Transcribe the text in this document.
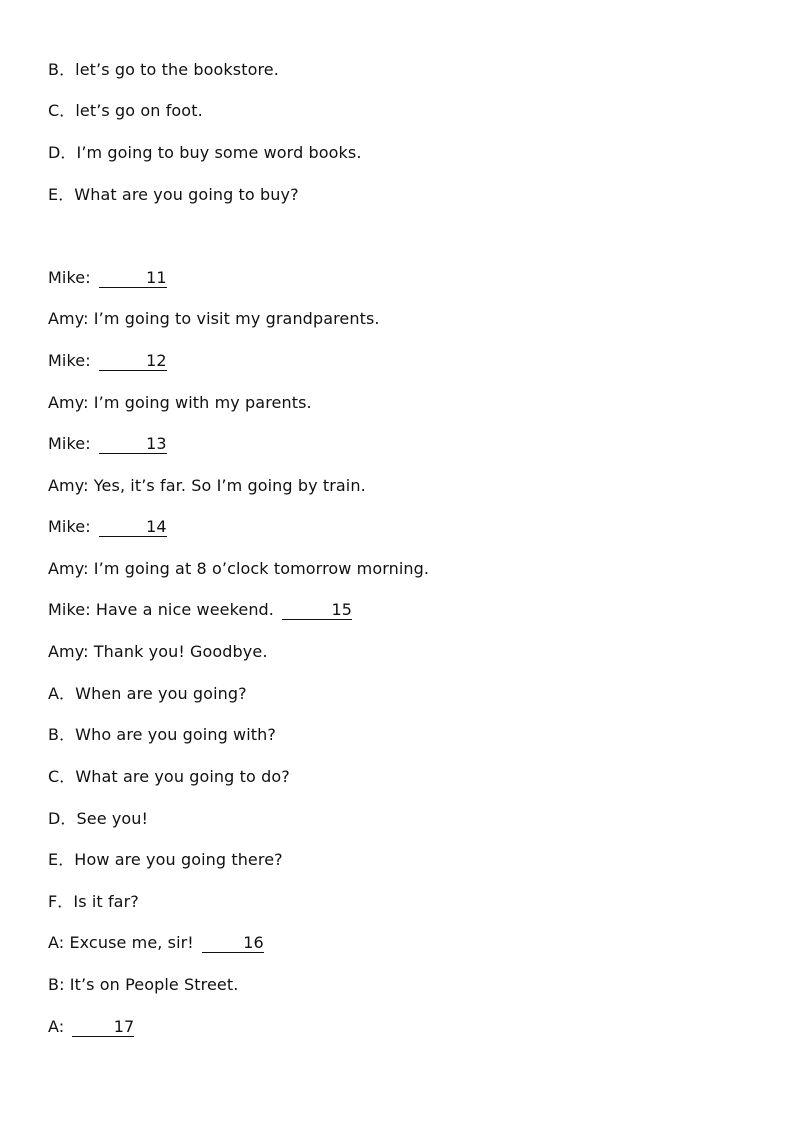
B．let’s go to the bookstore.
C．let’s go on foot.
D．I’m going to buy some word books.
E．What are you going to buy?
Mike:	11
Amy: I’m going to visit my grandparents.
Mike:	12
Amy: I’m going with my parents.
Mike:	13
Amy: Yes, it’s far. So I’m going by train.
Mike:	14
Amy: I’m going at 8 o’clock tomorrow morning.
Mike: Have a nice weekend.	15
Amy: Thank you! Goodbye.
A．When are you going?
B．Who are you going with?
C．What are you going to do?
D．See you!
E．How are you going there?
F．Is it far?
A: Excuse me, sir!	16
B: It’s on People Street.
A:	17
